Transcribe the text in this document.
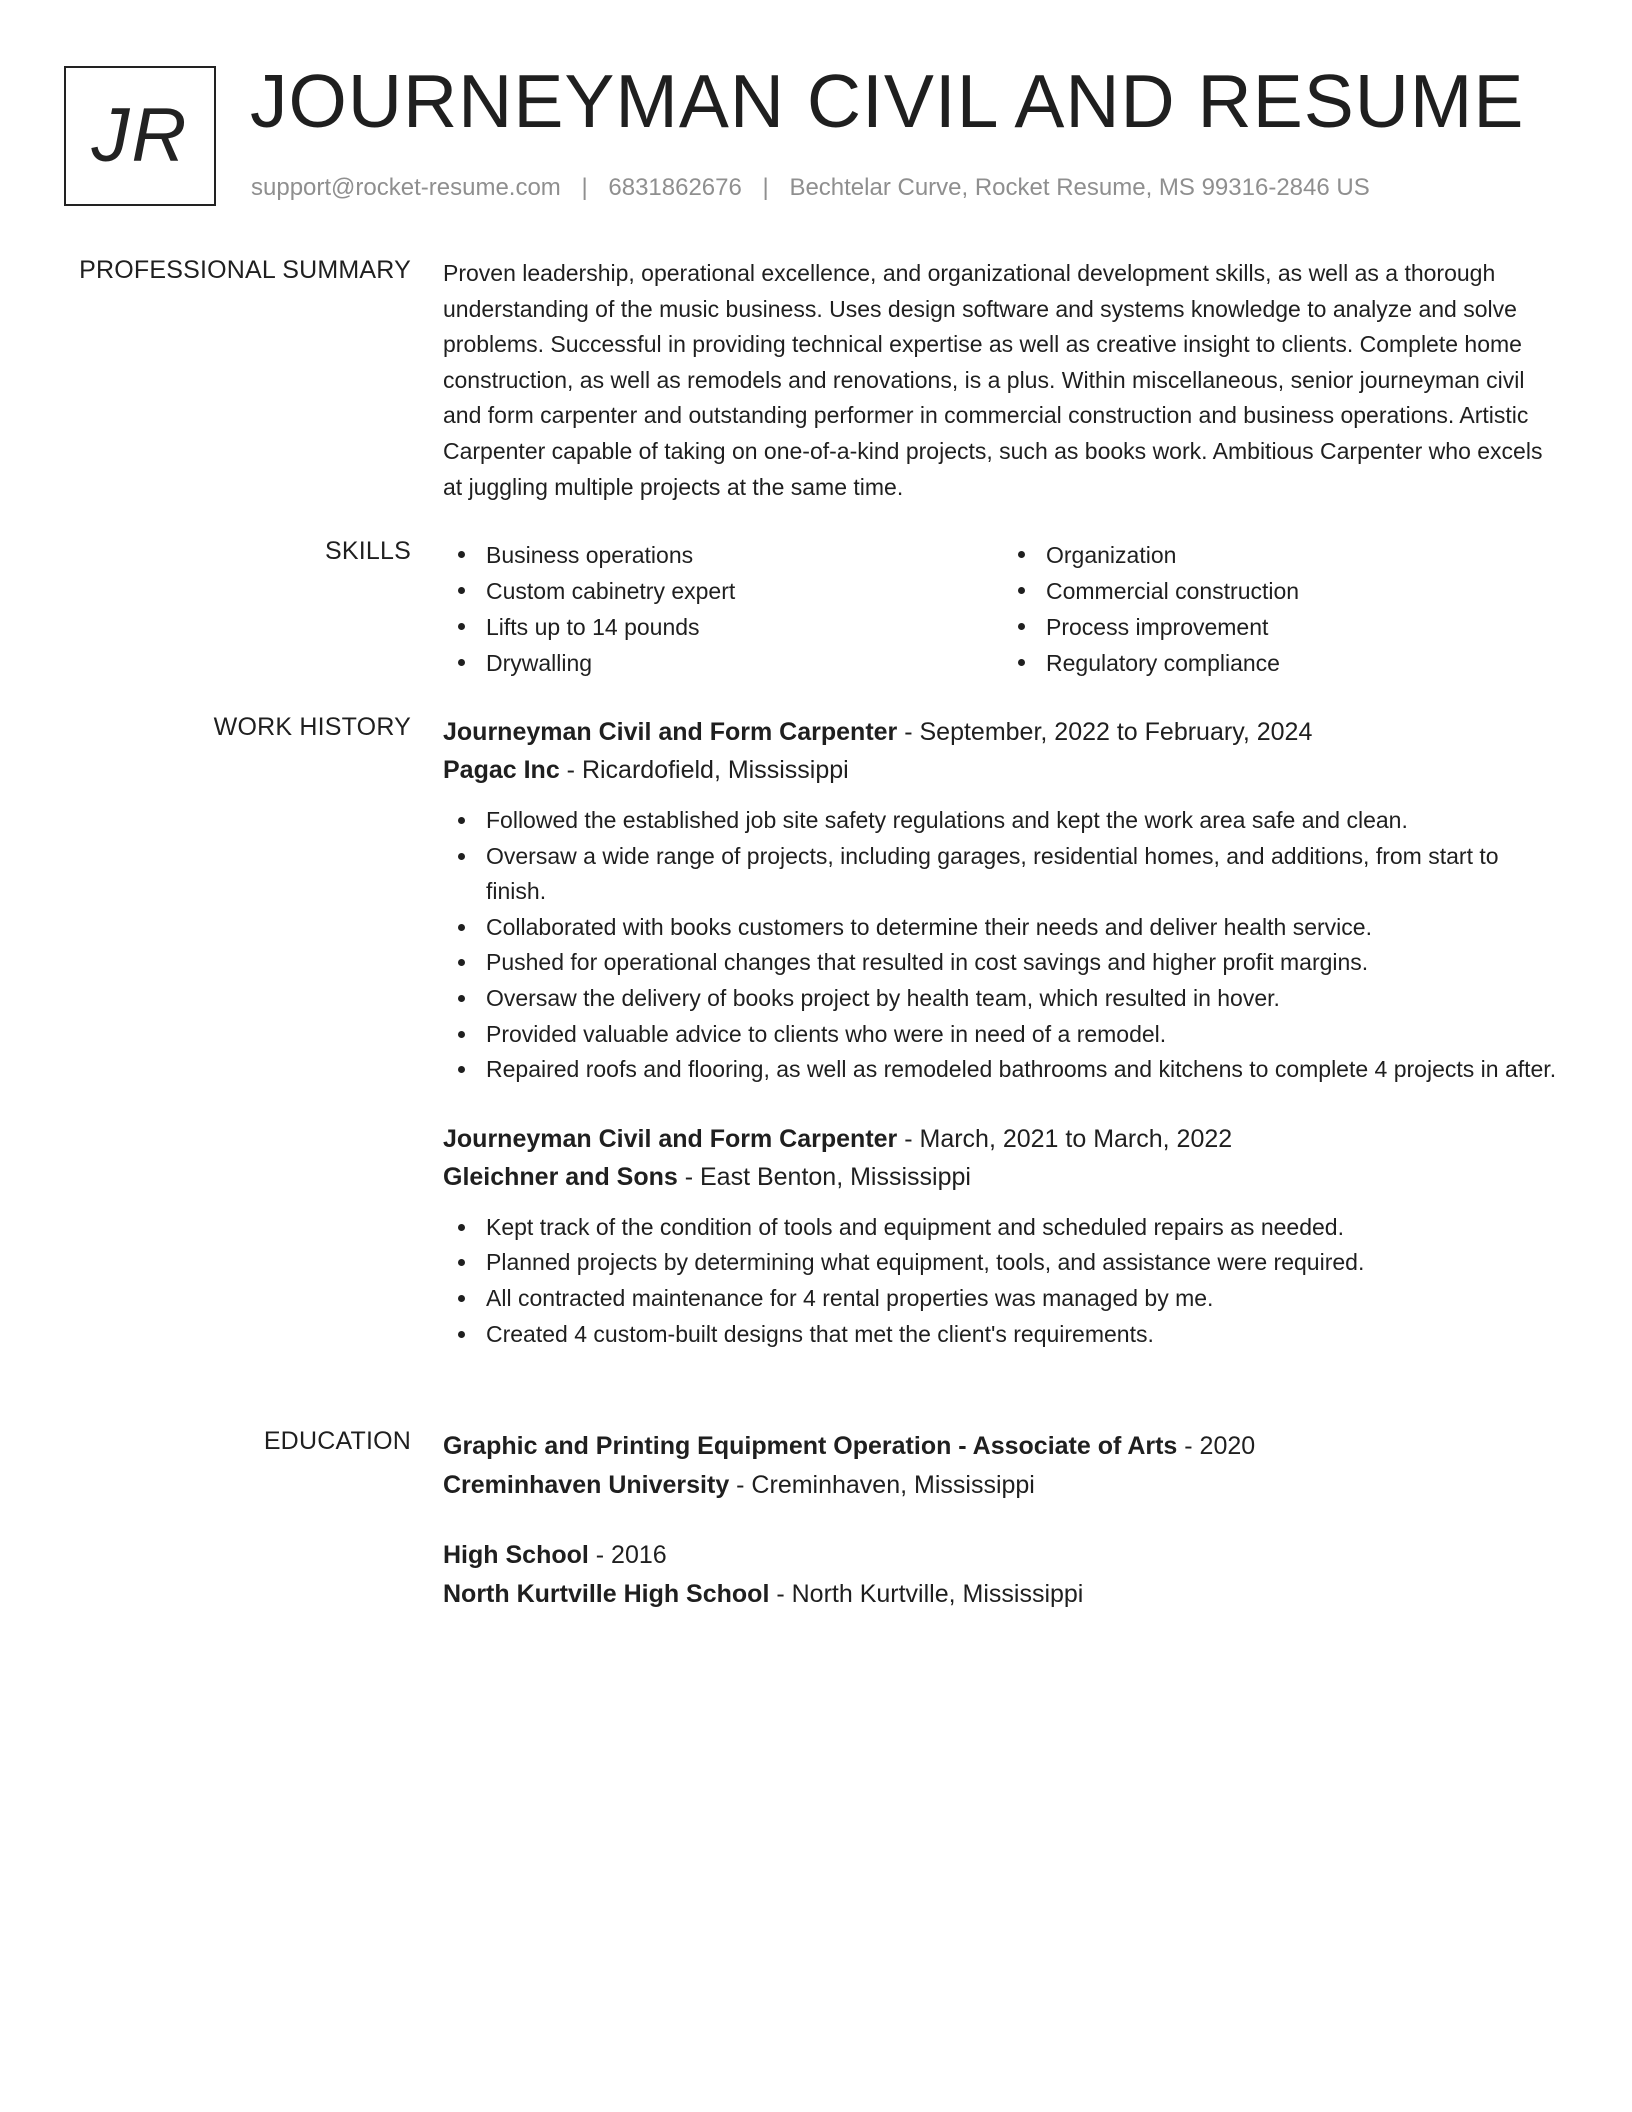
JR JOURNEYMAN CIVIL AND RESUME
support@rocket-resume.com | 6831862676 | Bechtelar Curve, Rocket Resume, MS 99316-2846 US
PROFESSIONAL SUMMARY Proven leadership, operational excellence, and organizational development skills, as well as a thorough understanding of the music business. Uses design software and systems knowledge to analyze and solve problems. Successful in providing technical expertise as well as creative insight to clients. Complete home construction, as well as remodels and renovations, is a plus. Within miscellaneous, senior journeyman civil and form carpenter and outstanding performer in commercial construction and business operations. Artistic Carpenter capable of taking on one-of-a-kind projects, such as books work. Ambitious Carpenter who excels at juggling multiple projects at the same time.

SKILLS	Business operations
Custom cabinetry expert
Lifts up to 14 pounds
Drywalling
Organization
Commercial construction
Process improvement
Regulatory compliance
WORK HISTORY Journeyman Civil and Form Carpenter - September, 2022 to February, 2024
Pagac Inc - Ricardofield, Mississippi
Followed the established job site safety regulations and kept the work area safe and clean.
Oversaw a wide range of projects, including garages, residential homes, and additions, from start to finish.
Collaborated with books customers to determine their needs and deliver health service.
Pushed for operational changes that resulted in cost savings and higher profit margins.
Oversaw the delivery of books project by health team, which resulted in hover.
Provided valuable advice to clients who were in need of a remodel.
Repaired roofs and flooring, as well as remodeled bathrooms and kitchens to complete 4 projects in after.
Journeyman Civil and Form Carpenter - March, 2021 to March, 2022
Gleichner and Sons - East Benton, Mississippi
Kept track of the condition of tools and equipment and scheduled repairs as needed.
Planned projects by determining what equipment, tools, and assistance were required.
All contracted maintenance for 4 rental properties was managed by me.
Created 4 custom-built designs that met the client's requirements.
EDUCATION Graphic and Printing Equipment Operation - Associate of Arts - 2020
Creminhaven University - Creminhaven, Mississippi
High School - 2016
North Kurtville High School - North Kurtville, Mississippi
